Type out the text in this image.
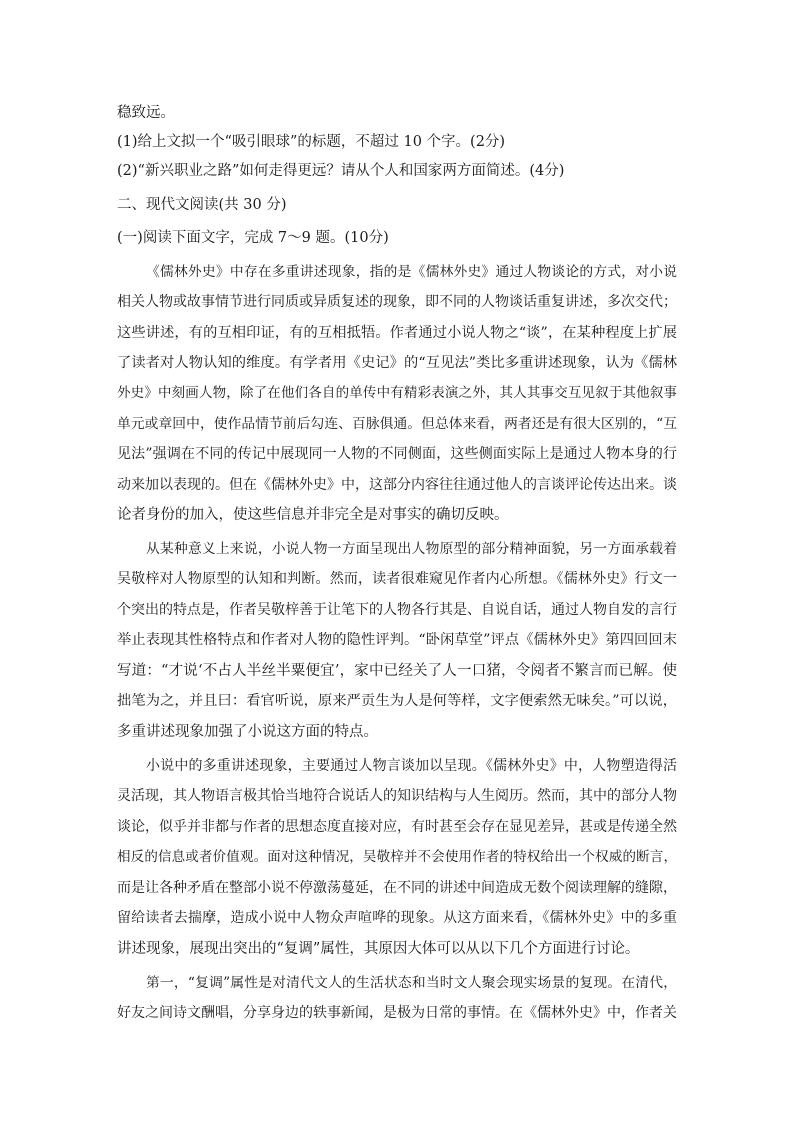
稳致远。
(1)给上文拟一个“吸引眼球”的标题，不超过 10 个字。(2分)
(2)“新兴职业之路”如何走得更远？请从个人和国家两方面简述。(4分)
二、现代文阅读(共 30 分)
(一)阅读下面文字，完成 7～9 题。(10分)
《儒林外史》中存在多重讲述现象，指的是《儒林外史》通过人物谈论的方式，对小说
相关人物或故事情节进行同质或异质复述的现象，即不同的人物谈话重复讲述，多次交代；
这些讲述，有的互相印证，有的互相抵牾。作者通过小说人物之“谈”，在某种程度上扩展
了读者对人物认知的维度。有学者用《史记》的“互见法”类比多重讲述现象，认为《儒林
外史》中刻画人物，除了在他们各自的单传中有精彩表演之外，其人其事交互见叙于其他叙事
单元或章回中，使作品情节前后勾连、百脉俱通。但总体来看，两者还是有很大区别的，“互
见法”强调在不同的传记中展现同一人物的不同侧面，这些侧面实际上是通过人物本身的行
动来加以表现的。但在《儒林外史》中，这部分内容往往通过他人的言谈评论传达出来。谈
论者身份的加入，使这些信息并非完全是对事实的确切反映。
从某种意义上来说，小说人物一方面呈现出人物原型的部分精神面貌，另一方面承载着
吴敬梓对人物原型的认知和判断。然而，读者很难窥见作者内心所想。《儒林外史》行文一
个突出的特点是，作者吴敬梓善于让笔下的人物各行其是、自说自话，通过人物自发的言行
举止表现其性格特点和作者对人物的隐性评判。“卧闲草堂”评点《儒林外史》第四回回末
写道：“才说‘不占人半丝半粟便宜’，家中已经关了人一口猪，令阅者不繁言而已解。使
拙笔为之，并且曰：看官听说，原来严贡生为人是何等样，文字便索然无味矣。”可以说，
多重讲述现象加强了小说这方面的特点。
小说中的多重讲述现象，主要通过人物言谈加以呈现。《儒林外史》中，人物塑造得活
灵活现，其人物语言极其恰当地符合说话人的知识结构与人生阅历。然而，其中的部分人物
谈论，似乎并非都与作者的思想态度直接对应，有时甚至会存在显见差异，甚或是传递全然
相反的信息或者价值观。面对这种情况，吴敬梓并不会使用作者的特权给出一个权威的断言，
而是让各种矛盾在整部小说不停激荡蔓延，在不同的讲述中间造成无数个阅读理解的缝隙，
留给读者去揣摩，造成小说中人物众声喧哗的现象。从这方面来看，《儒林外史》中的多重
讲述现象，展现出突出的“复调”属性，其原因大体可以从以下几个方面进行讨论。
第一，“复调”属性是对清代文人的生活状态和当时文人聚会现实场景的复现。在清代，
好友之间诗文酬唱，分享身边的轶事新闻，是极为日常的事情。在《儒林外史》中，作者关
